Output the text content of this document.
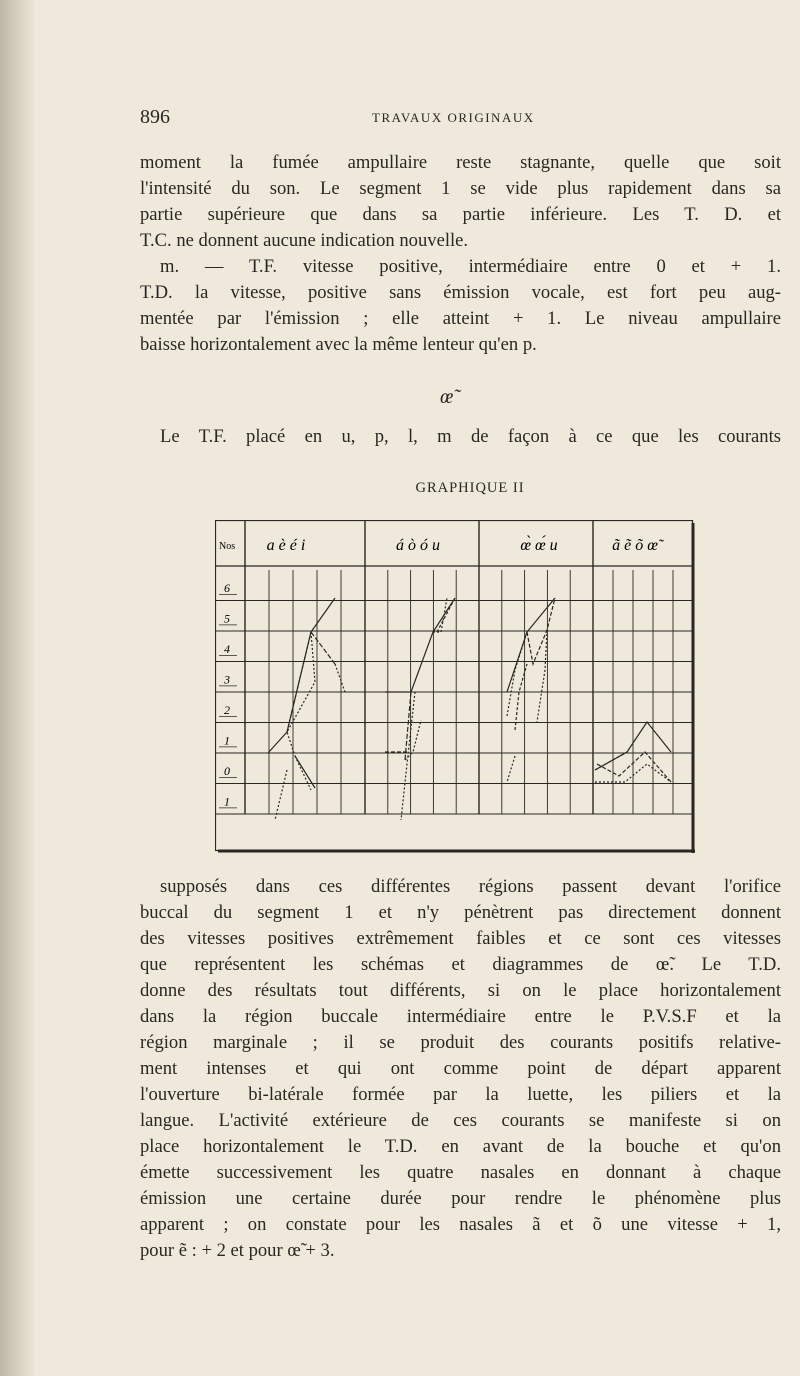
896	TRAVAUX ORIGINAUX

moment la fumée ampullaire reste stagnante, quelle que soit
l'intensité du son. Le segment 1 se vide plus rapidement dans sa
partie supérieure que dans sa partie inférieure. Les T. D. et
T.C. ne donnent aucune indication nouvelle.

m. — T.F. vitesse positive, intermédiaire entre 0 et + 1.
T.D. la vitesse, positive sans émission vocale, est fort peu aug-
mentée par l'émission ; elle atteint + 1. Le niveau ampullaire
baisse horizontalement avec la même lenteur qu'en p.

œ̃

Le T.F. placé en u, p, l, m de façon à ce que les courants

GRAPHIQUE II
Nos a è é i	á ò ó u	œ̀ œ́ u	ã ẽ õ œ̃
6
5
4
3
2
1
0
1

supposés dans ces différentes régions passent devant l'orifice
buccal du segment 1 et n'y pénètrent pas directement donnent
des vitesses positives extrêmement faibles et ce sont ces vitesses
que représentent les schémas et diagrammes de œ̃. Le T.D.
donne des résultats tout différents, si on le place horizontalement
dans la région buccale intermédiaire entre le P.V.S.F et la
région marginale ; il se produit des courants positifs relative-
ment intenses et qui ont comme point de départ apparent
l'ouverture bi-latérale formée par la luette, les piliers et la
langue. L'activité extérieure de ces courants se manifeste si on
place horizontalement le T.D. en avant de la bouche et qu'on
émette successivement les quatre nasales en donnant à chaque
émission une certaine durée pour rendre le phénomène plus
apparent ; on constate pour les nasales ã et õ une vitesse + 1,
pour ẽ : + 2 et pour œ̃ + 3.
